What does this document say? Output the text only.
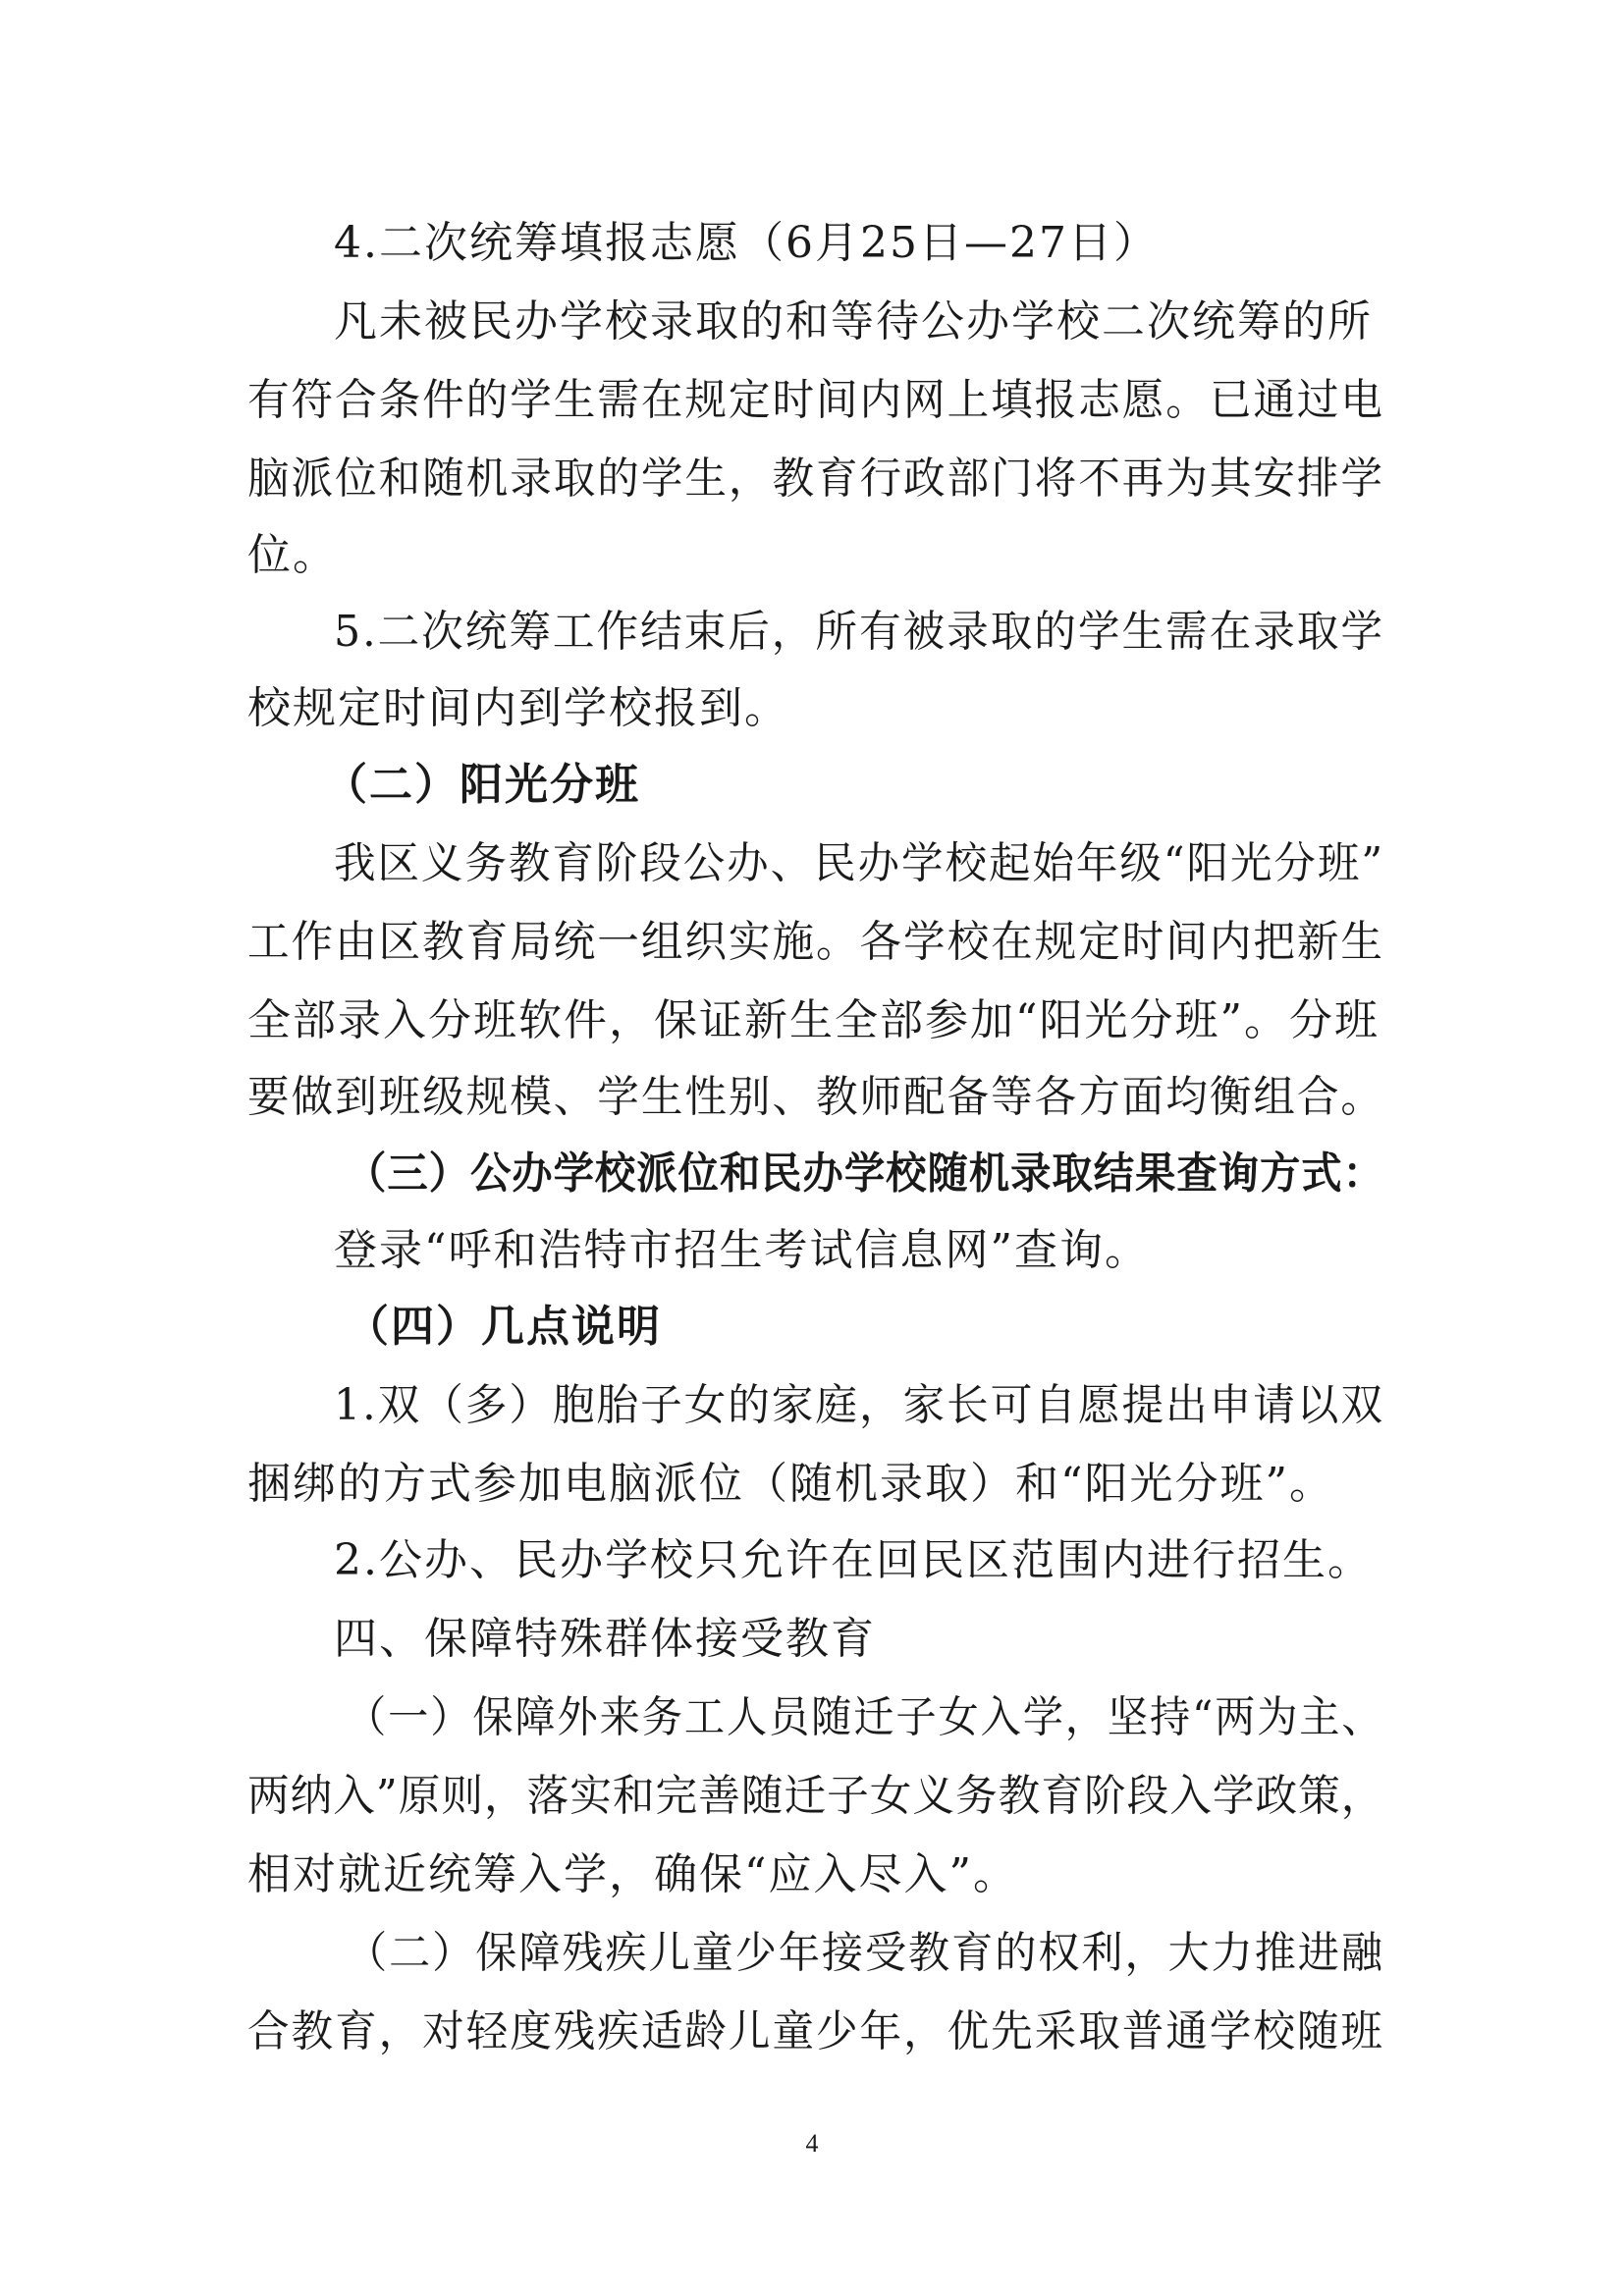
4.二次统筹填报志愿（6月25日—27日）
凡未被民办学校录取的和等待公办学校二次统筹的所
有符合条件的学生需在规定时间内网上填报志愿。已通过电
脑派位和随机录取的学生，教育行政部门将不再为其安排学
位。
5.二次统筹工作结束后，所有被录取的学生需在录取学
校规定时间内到学校报到。
（二）阳光分班
我区义务教育阶段公办、民办学校起始年级“阳光分班”
工作由区教育局统一组织实施。各学校在规定时间内把新生
全部录入分班软件，保证新生全部参加“阳光分班”。分班
要做到班级规模、学生性别、教师配备等各方面均衡组合。
（三）公办学校派位和民办学校随机录取结果查询方式：
登录“呼和浩特市招生考试信息网”查询。
（四）几点说明
1.双（多）胞胎子女的家庭，家长可自愿提出申请以双
捆绑的方式参加电脑派位（随机录取）和“阳光分班”。
2.公办、民办学校只允许在回民区范围内进行招生。
四、保障特殊群体接受教育
（一）保障外来务工人员随迁子女入学，坚持“两为主、
两纳入”原则，落实和完善随迁子女义务教育阶段入学政策，
相对就近统筹入学，确保“应入尽入”。
（二）保障残疾儿童少年接受教育的权利，大力推进融
合教育，对轻度残疾适龄儿童少年，优先采取普通学校随班
4
